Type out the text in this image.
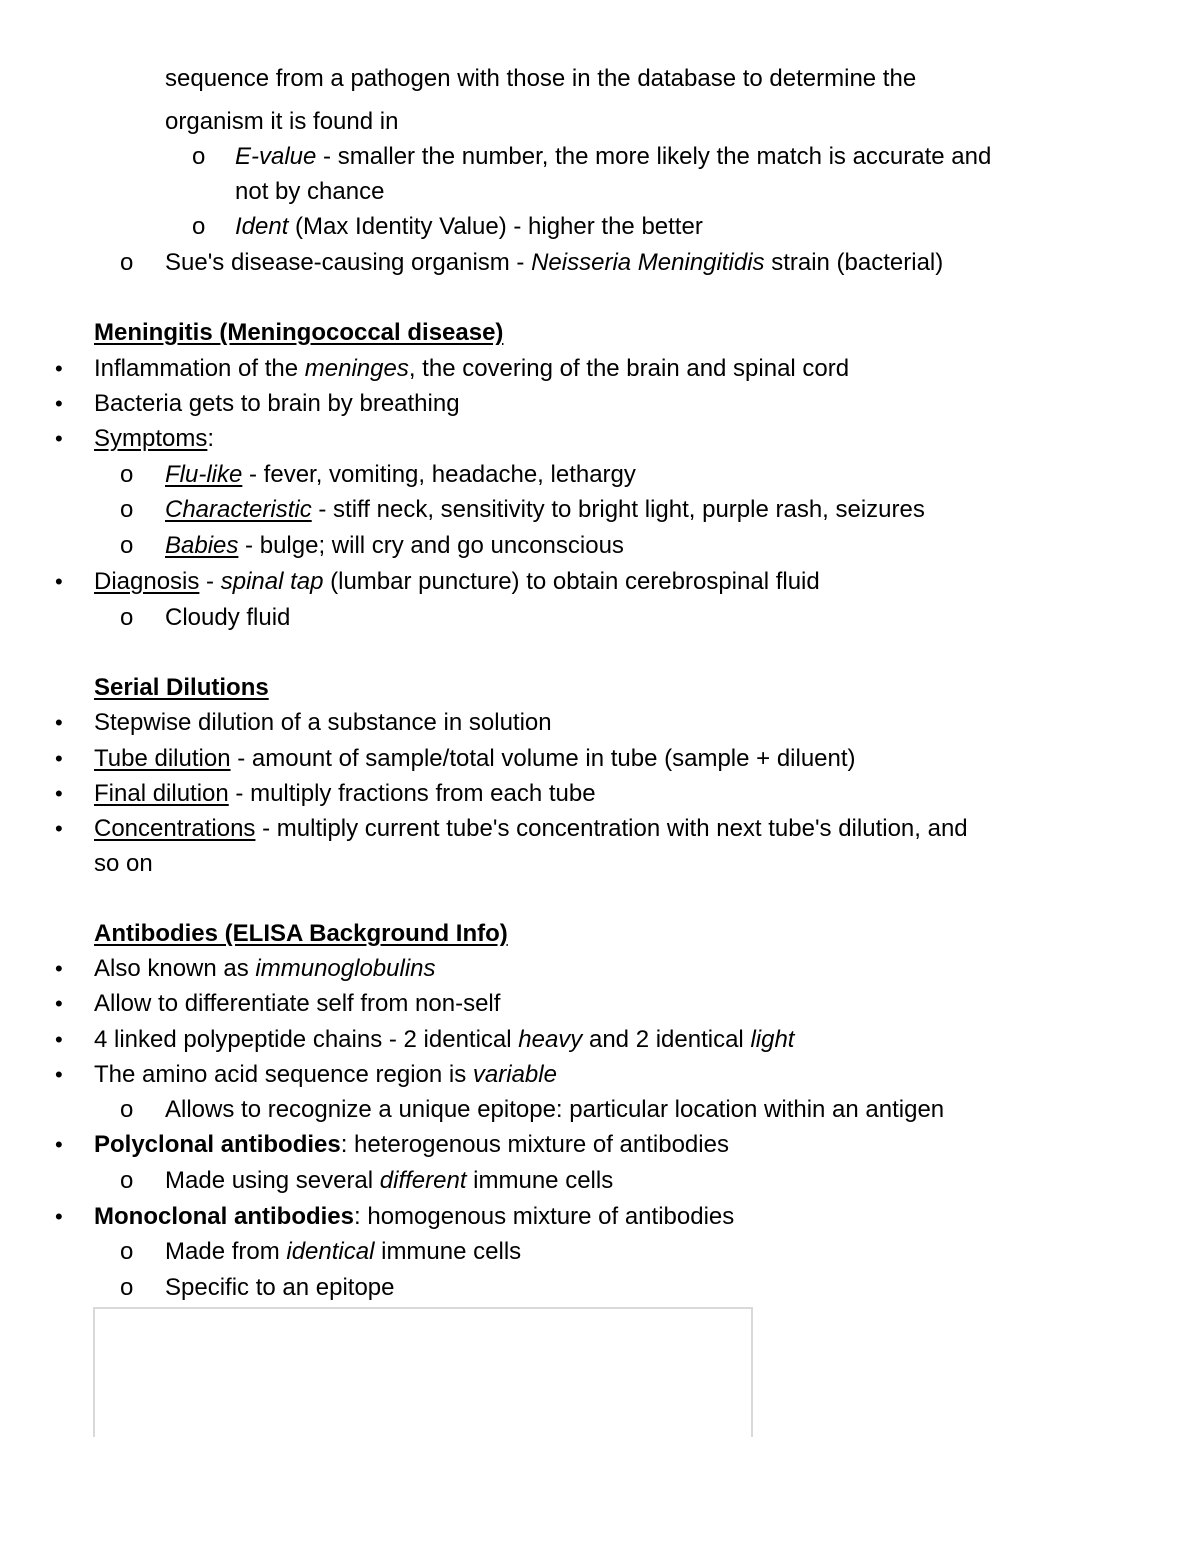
sequence from a pathogen with those in the database to determine the
organism it is found in
o E-value - smaller the number, the more likely the match is accurate and
not by chance
o Ident (Max Identity Value) - higher the better
o Sue's disease-causing organism - Neisseria Meningitidis strain (bacterial)
Meningitis (Meningococcal disease)
• Inflammation of the meninges, the covering of the brain and spinal cord
• Bacteria gets to brain by breathing
• Symptoms:
o Flu-like - fever, vomiting, headache, lethargy
o Characteristic - stiff neck, sensitivity to bright light, purple rash, seizures
o Babies - bulge; will cry and go unconscious
• Diagnosis - spinal tap (lumbar puncture) to obtain cerebrospinal fluid
o Cloudy fluid
Serial Dilutions
• Stepwise dilution of a substance in solution
• Tube dilution - amount of sample/total volume in tube (sample + diluent)
• Final dilution - multiply fractions from each tube
• Concentrations - multiply current tube's concentration with next tube's dilution, and
so on
Antibodies (ELISA Background Info)
• Also known as immunoglobulins
• Allow to differentiate self from non-self
• 4 linked polypeptide chains - 2 identical heavy and 2 identical light
• The amino acid sequence region is variable
o Allows to recognize a unique epitope: particular location within an antigen
• Polyclonal antibodies: heterogenous mixture of antibodies
o Made using several different immune cells
• Monoclonal antibodies: homogenous mixture of antibodies
o Made from identical immune cells
o Specific to an epitope
